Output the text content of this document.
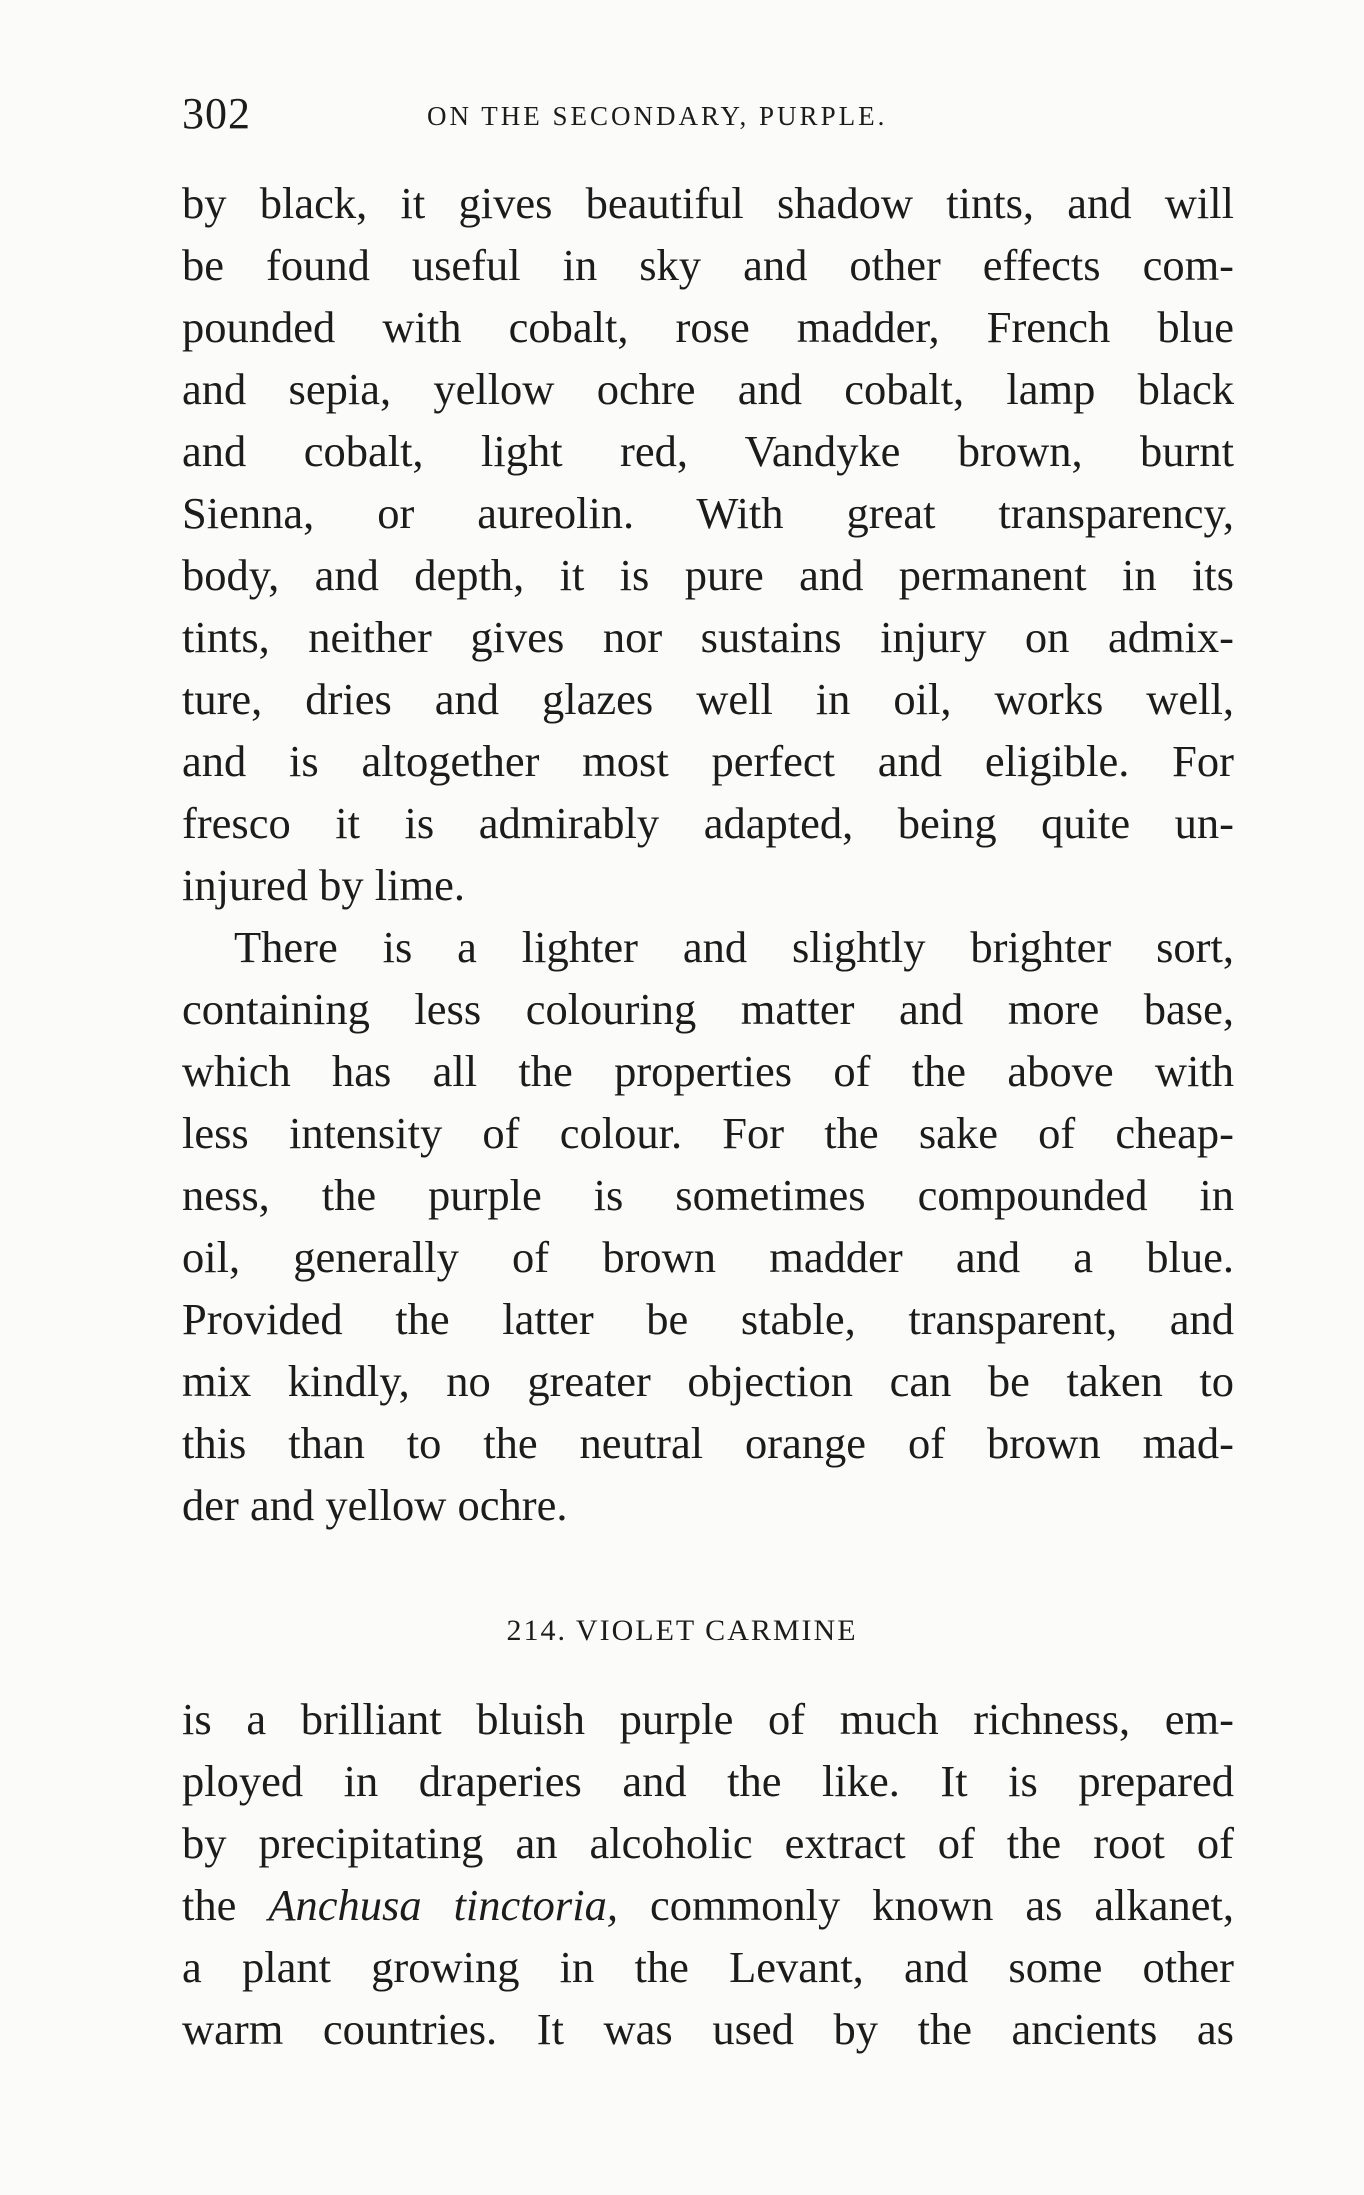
302	ON THE SECONDARY, PURPLE.
by black, it gives beautiful shadow tints, and will
be found useful in sky and other effects com-
pounded with cobalt, rose madder, French blue
and sepia, yellow ochre and cobalt, lamp black
and cobalt, light red, Vandyke brown, burnt
Sienna, or aureolin. With great transparency,
body, and depth, it is pure and permanent in its
tints, neither gives nor sustains injury on admix-
ture, dries and glazes well in oil, works well,
and is altogether most perfect and eligible. For
fresco it is admirably adapted, being quite un-
injured by lime.
There is a lighter and slightly brighter sort,
containing less colouring matter and more base,
which has all the properties of the above with
less intensity of colour. For the sake of cheap-
ness, the purple is sometimes compounded in
oil, generally of brown madder and a blue.
Provided the latter be stable, transparent, and
mix kindly, no greater objection can be taken to
this than to the neutral orange of brown mad-
der and yellow ochre.
214. VIOLET CARMINE
is a brilliant bluish purple of much richness, em-
ployed in draperies and the like. It is prepared
by precipitating an alcoholic extract of the root of
the Anchusa tinctoria, commonly known as alkanet,
a plant growing in the Levant, and some other
warm countries. It was used by the ancients as
